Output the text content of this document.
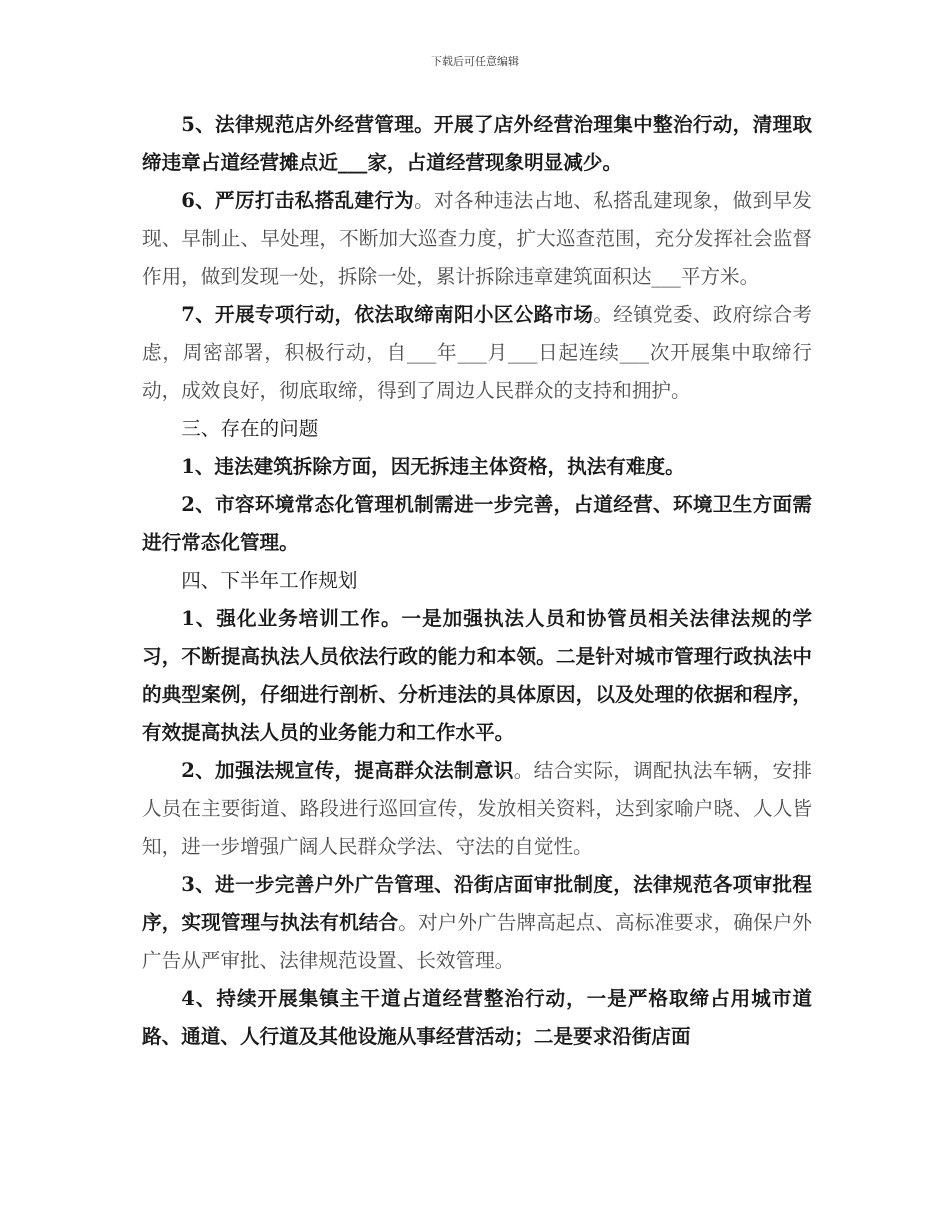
下载后可任意编辑

5、法律规范店外经营管理。开展了店外经营治理集中整治行动，清理取缔违章占道经营摊点近___家，占道经营现象明显减少。

6、严厉打击私搭乱建行为。对各种违法占地、私搭乱建现象，做到早发现、早制止、早处理，不断加大巡查力度，扩大巡查范围，充分发挥社会监督作用，做到发现一处，拆除一处，累计拆除违章建筑面积达___平方米。

7、开展专项行动，依法取缔南阳小区公路市场。经镇党委、政府综合考虑，周密部署，积极行动，自___年___月___日起连续___次开展集中取缔行动，成效良好，彻底取缔，得到了周边人民群众的支持和拥护。

三、存在的问题

1、违法建筑拆除方面，因无拆违主体资格，执法有难度。

2、市容环境常态化管理机制需进一步完善，占道经营、环境卫生方面需进行常态化管理。

四、下半年工作规划

1、强化业务培训工作。一是加强执法人员和协管员相关法律法规的学习，不断提高执法人员依法行政的能力和本领。二是针对城市管理行政执法中的典型案例，仔细进行剖析、分析违法的具体原因，以及处理的依据和程序，有效提高执法人员的业务能力和工作水平。

2、加强法规宣传，提高群众法制意识。结合实际，调配执法车辆，安排人员在主要街道、路段进行巡回宣传，发放相关资料，达到家喻户晓、人人皆知，进一步增强广阔人民群众学法、守法的自觉性。

3、进一步完善户外广告管理、沿街店面审批制度，法律规范各项审批程序，实现管理与执法有机结合。对户外广告牌高起点、高标准要求，确保户外广告从严审批、法律规范设置、长效管理。

4、持续开展集镇主干道占道经营整治行动，一是严格取缔占用城市道路、通道、人行道及其他设施从事经营活动；二是要求沿街店面
